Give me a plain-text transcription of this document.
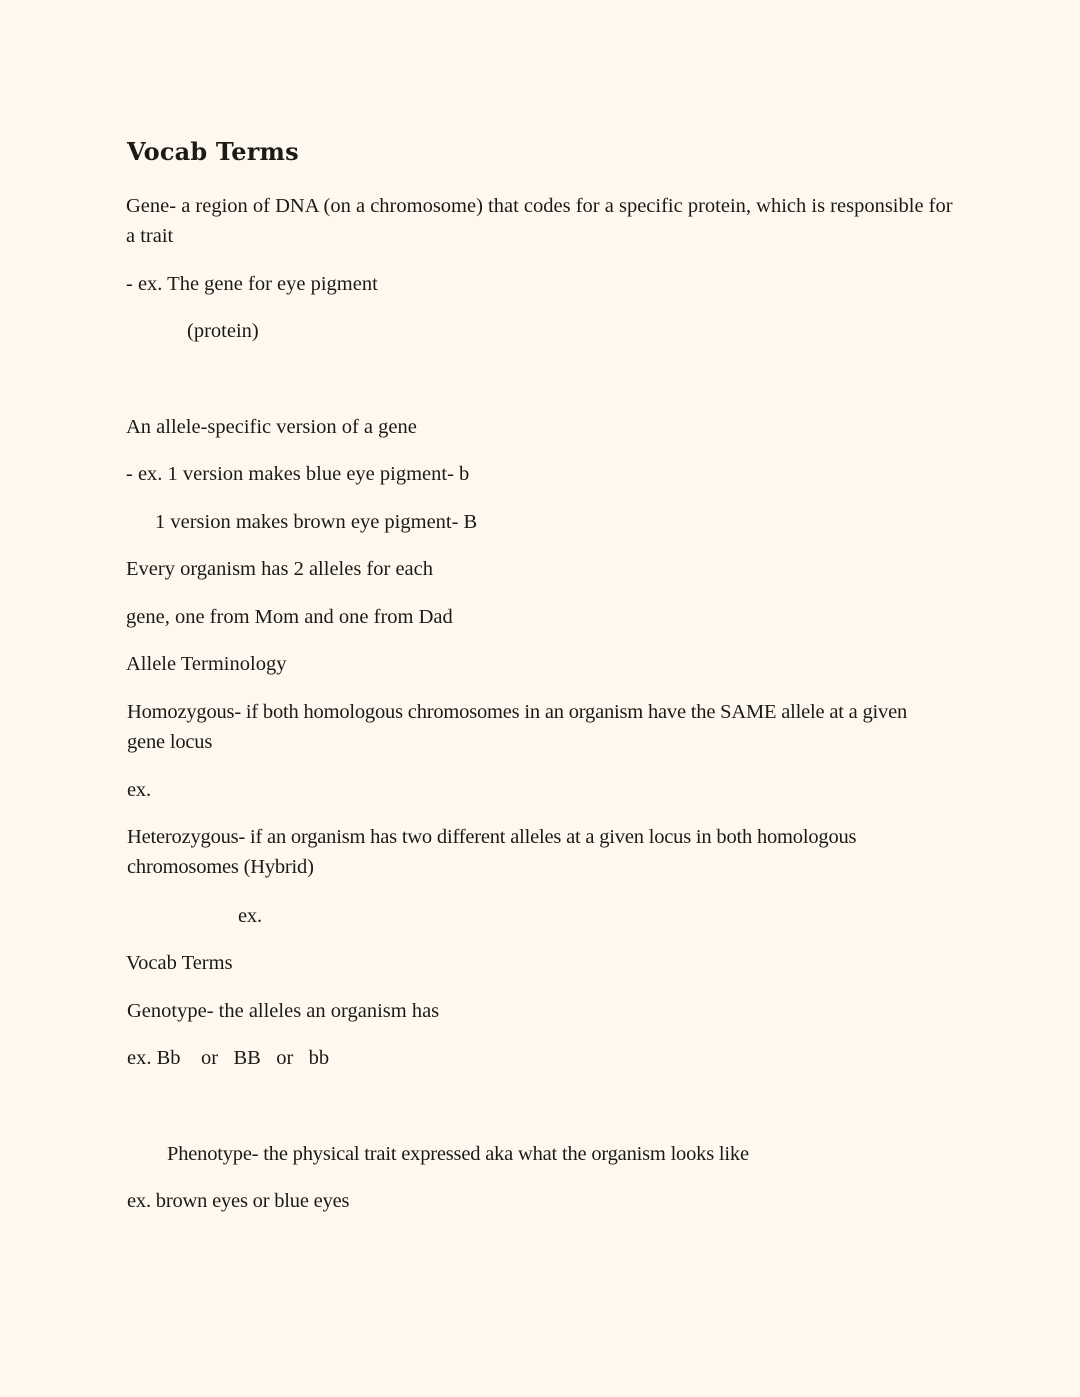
Vocab Terms

Gene- a region of DNA (on a chromosome) that codes for a specific protein, which is responsible for a trait

- ex. The gene for eye pigment

(protein)

An allele-specific version of a gene

- ex. 1 version makes blue eye pigment- b

1 version makes brown eye pigment- B

Every organism has 2 alleles for each

gene, one from Mom and one from Dad

Allele Terminology

Homozygous- if both homologous chromosomes in an organism have the SAME allele at a given gene locus

ex.

Heterozygous- if an organism has two different alleles at a given locus in both homologous chromosomes (Hybrid)

ex.

Vocab Terms

Genotype- the alleles an organism has

ex. Bb    or   BB   or   bb

Phenotype- the physical trait expressed aka what the organism looks like

ex. brown eyes or blue eyes
